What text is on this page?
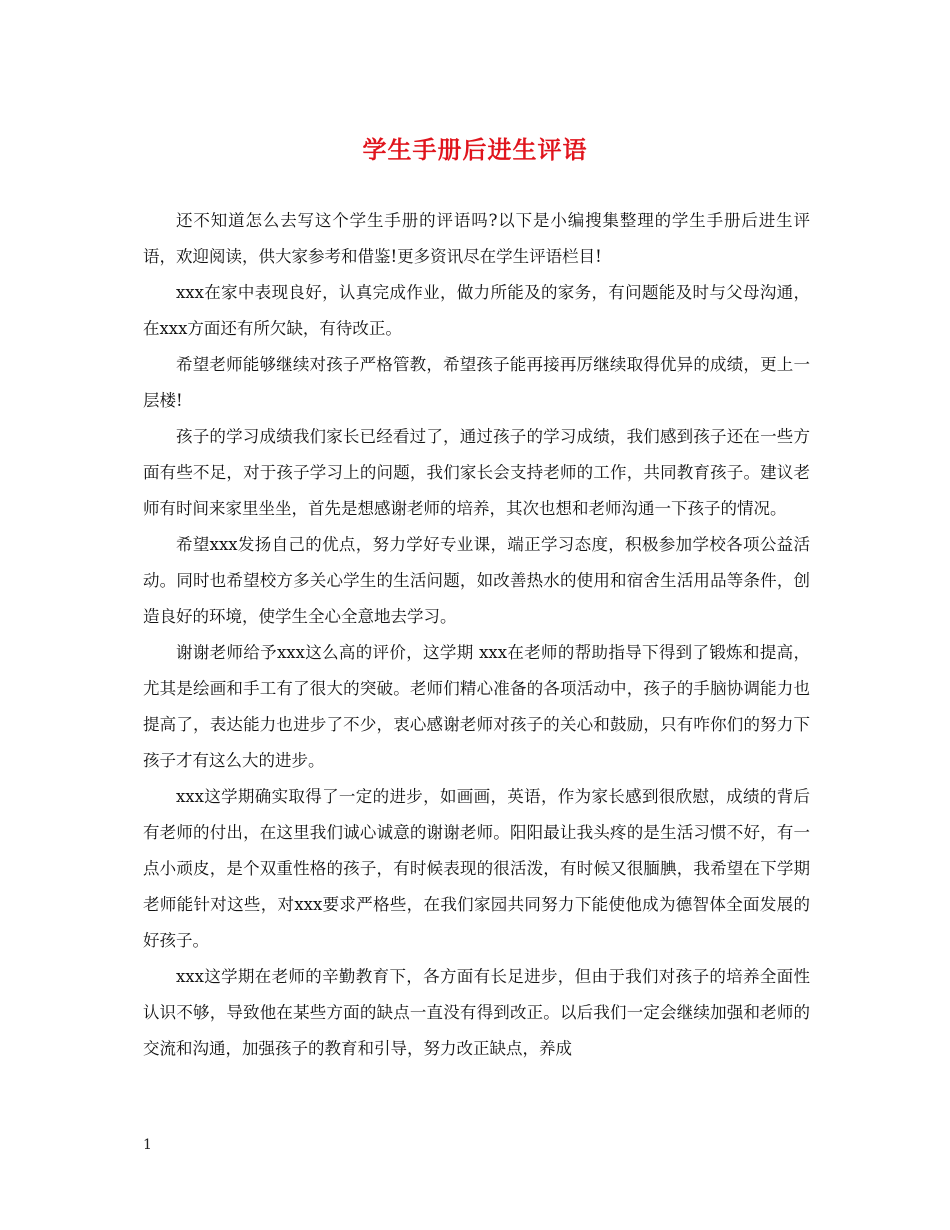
学生手册后进生评语

还不知道怎么去写这个学生手册的评语吗?以下是小编搜集整理的学生手册后进生评语，欢迎阅读，供大家参考和借鉴!更多资讯尽在学生评语栏目!

xxx在家中表现良好，认真完成作业，做力所能及的家务，有问题能及时与父母沟通，在xxx方面还有所欠缺，有待改正。

希望老师能够继续对孩子严格管教，希望孩子能再接再厉继续取得优异的成绩，更上一层楼!

孩子的学习成绩我们家长已经看过了，通过孩子的学习成绩，我们感到孩子还在一些方面有些不足，对于孩子学习上的问题，我们家长会支持老师的工作，共同教育孩子。建议老师有时间来家里坐坐，首先是想感谢老师的培养，其次也想和老师沟通一下孩子的情况。

希望xxx发扬自己的优点，努力学好专业课，端正学习态度，积极参加学校各项公益活动。同时也希望校方多关心学生的生活问题，如改善热水的使用和宿舍生活用品等条件，创造良好的环境，使学生全心全意地去学习。

谢谢老师给予xxx这么高的评价，这学期 xxx在老师的帮助指导下得到了锻炼和提高，尤其是绘画和手工有了很大的突破。老师们精心准备的各项活动中，孩子的手脑协调能力也提高了，表达能力也进步了不少，衷心感谢老师对孩子的关心和鼓励，只有咋你们的努力下孩子才有这么大的进步。

xxx这学期确实取得了一定的进步，如画画，英语，作为家长感到很欣慰，成绩的背后有老师的付出，在这里我们诚心诚意的谢谢老师。阳阳最让我头疼的是生活习惯不好，有一点小顽皮，是个双重性格的孩子，有时候表现的很活泼，有时候又很腼腆，我希望在下学期老师能针对这些，对xxx要求严格些，在我们家园共同努力下能使他成为德智体全面发展的好孩子。

xxx这学期在老师的辛勤教育下，各方面有长足进步，但由于我们对孩子的培养全面性认识不够，导致他在某些方面的缺点一直没有得到改正。以后我们一定会继续加强和老师的交流和沟通，加强孩子的教育和引导，努力改正缺点，养成

1
